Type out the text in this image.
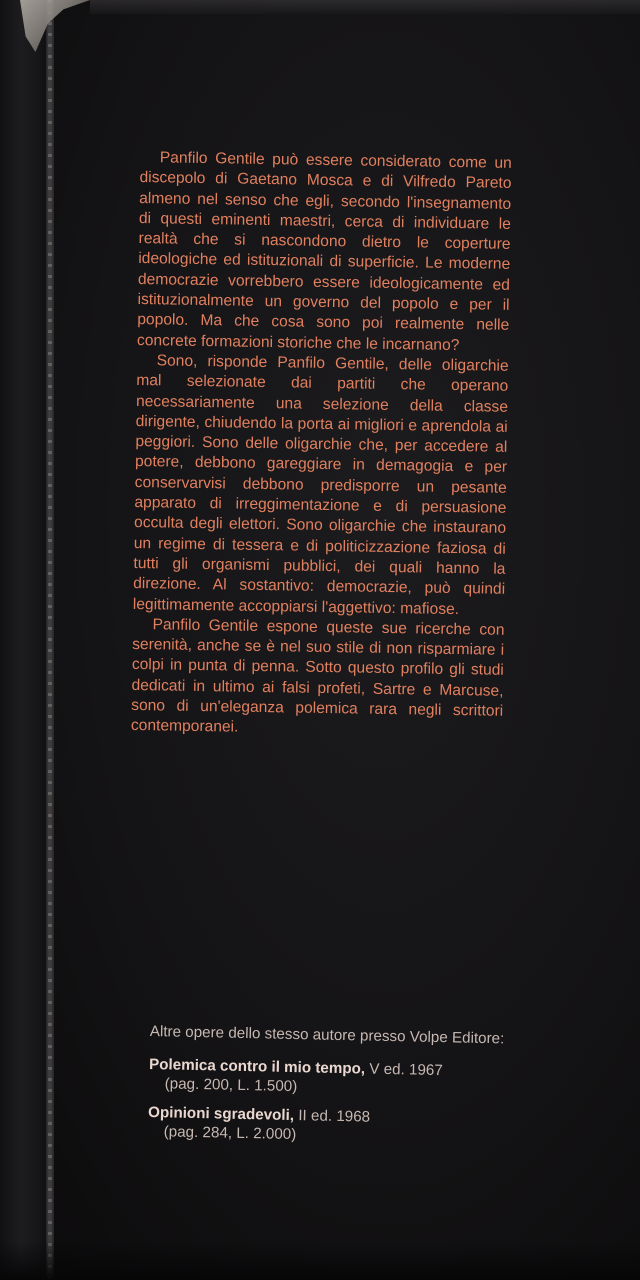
Panfilo Gentile può essere considerato come un discepolo di Gaetano Mosca e di Vilfredo Pareto almeno nel senso che egli, secondo l'insegnamento di questi eminenti maestri, cerca di individuare le realtà che si nascondono dietro le coperture ideologiche ed istituzionali di superficie. Le moderne democrazie vorrebbero essere ideologicamente ed istituzionalmente un governo del popolo e per il popolo. Ma che cosa sono poi realmente nelle concrete formazioni storiche che le incarnano?

Sono, risponde Panfilo Gentile, delle oligarchie mal selezionate dai partiti che operano necessariamente una selezione della classe dirigente, chiudendo la porta ai migliori e aprendola ai peggiori. Sono delle oligarchie che, per accedere al potere, debbono gareggiare in demagogia e per conservarvisi debbono predisporre un pesante apparato di irreggimentazione e di persuasione occulta degli elettori. Sono oligarchie che instaurano un regime di tessera e di politicizzazione faziosa di tutti gli organismi pubblici, dei quali hanno la direzione. Al sostantivo: democrazie, può quindi legittimamente accoppiarsi l'aggettivo: mafiose.

Panfilo Gentile espone queste sue ricerche con serenità, anche se è nel suo stile di non risparmiare i colpi in punta di penna. Sotto questo profilo gli studi dedicati in ultimo ai falsi profeti, Sartre e Marcuse, sono di un'eleganza polemica rara negli scrittori contemporanei.

Altre opere dello stesso autore presso Volpe Editore:

Polemica contro il mio tempo, V ed. 1967
(pag. 200, L. 1.500)

Opinioni sgradevoli, II ed. 1968
(pag. 284, L. 2.000)
